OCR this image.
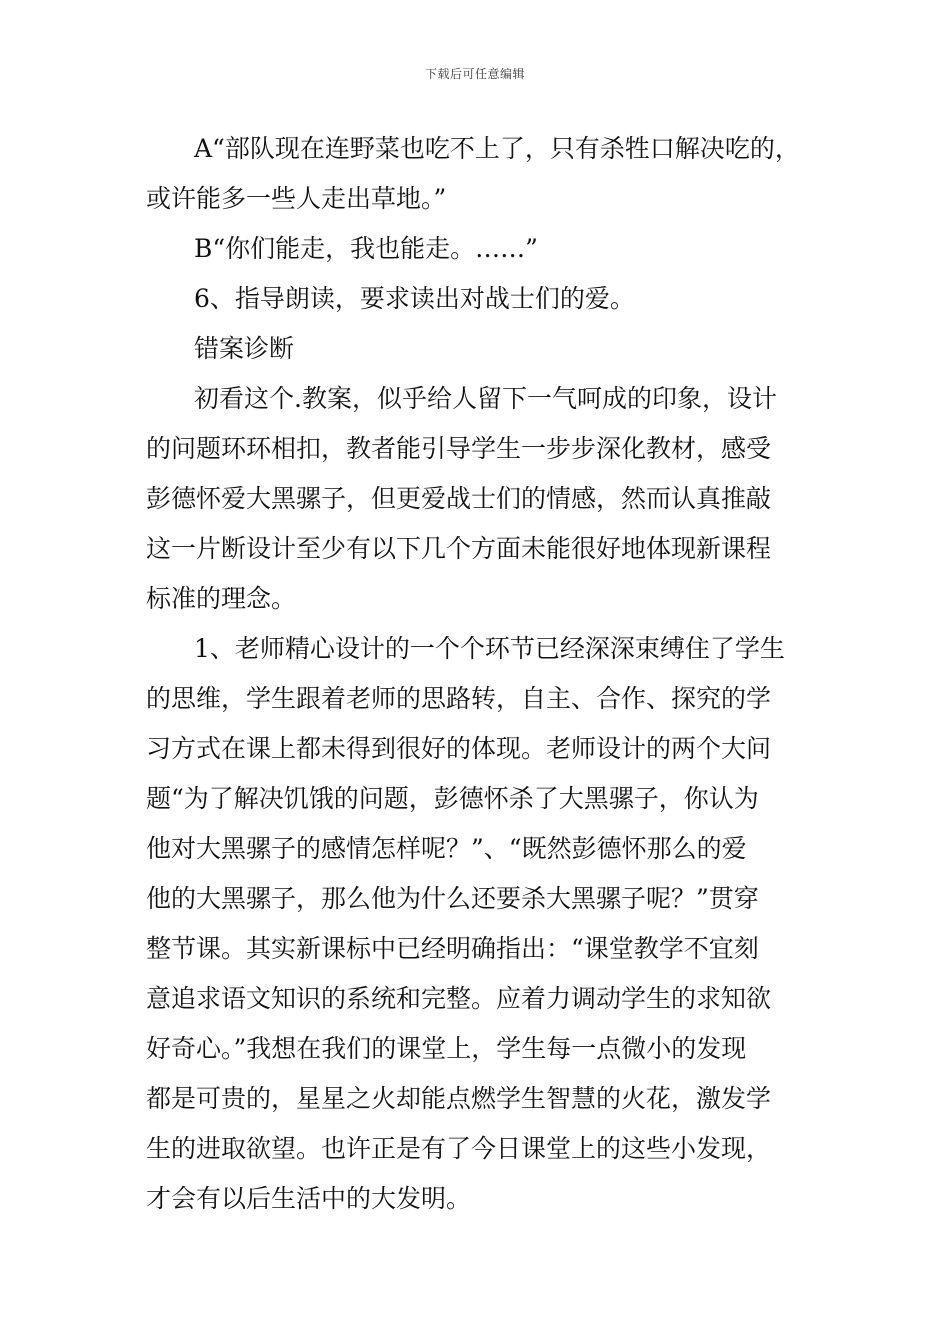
下载后可任意编辑
A“部队现在连野菜也吃不上了，只有杀牲口解决吃的，
或许能多一些人走出草地。”
B“你们能走，我也能走。……”
6、指导朗读，要求读出对战士们的爱。
错案诊断
初看这个.教案，似乎给人留下一气呵成的印象，设计
的问题环环相扣，教者能引导学生一步步深化教材，感受
彭德怀爱大黑骡子，但更爱战士们的情感，然而认真推敲
这一片断设计至少有以下几个方面未能很好地体现新课程
标准的理念。
1、老师精心设计的一个个环节已经深深束缚住了学生
的思维，学生跟着老师的思路转，自主、合作、探究的学
习方式在课上都未得到很好的体现。老师设计的两个大问
题“为了解决饥饿的问题，彭德怀杀了大黑骡子，你认为
他对大黑骡子的感情怎样呢？”、“既然彭德怀那么的爱
他的大黑骡子，那么他为什么还要杀大黑骡子呢？”贯穿
整节课。其实新课标中已经明确指出：“课堂教学不宜刻
意追求语文知识的系统和完整。应着力调动学生的求知欲
好奇心。”我想在我们的课堂上，学生每一点微小的发现
都是可贵的，星星之火却能点燃学生智慧的火花，激发学
生的进取欲望。也许正是有了今日课堂上的这些小发现，
才会有以后生活中的大发明。
